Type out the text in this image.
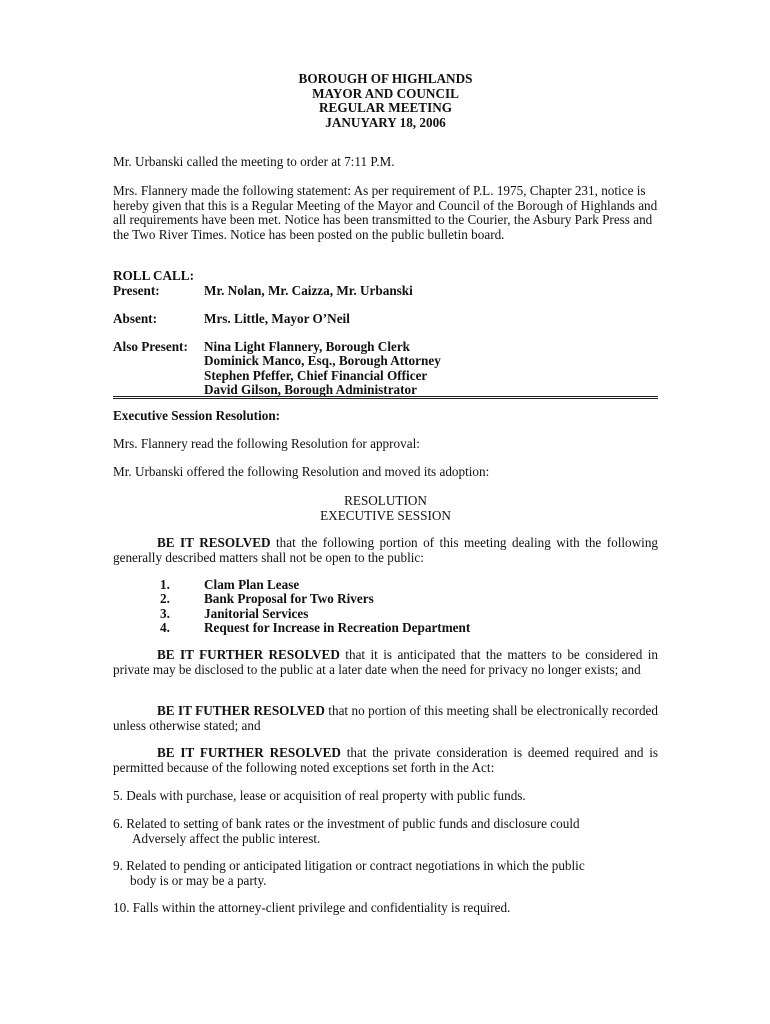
BOROUGH OF HIGHLANDS
MAYOR AND COUNCIL
REGULAR MEETING
JANUYARY 18, 2006
Mr. Urbanski called the meeting to order at 7:11 P.M.
Mrs. Flannery made the following statement: As per requirement of P.L. 1975, Chapter 231, notice is hereby given that this is a Regular Meeting of the Mayor and Council of the Borough of Highlands and all requirements have been met. Notice has been transmitted to the Courier, the Asbury Park Press and the Two River Times. Notice has been posted on the public bulletin board.
ROLL CALL:
Present:	Mr. Nolan, Mr. Caizza, Mr. Urbanski
Absent:	Mrs. Little, Mayor O’Neil
Also Present:	Nina Light Flannery, Borough Clerk
Dominick Manco, Esq., Borough Attorney
Stephen Pfeffer, Chief Financial Officer
David Gilson, Borough Administrator
Executive Session Resolution:
Mrs. Flannery read the following Resolution for approval:
Mr. Urbanski offered the following Resolution and moved its adoption:
RESOLUTION
EXECUTIVE SESSION
BE IT RESOLVED that the following portion of this meeting dealing with the following generally described matters shall not be open to the public:
1.	Clam Plan Lease
2.	Bank Proposal for Two Rivers
3.	Janitorial Services
4.	Request for Increase in Recreation Department
BE IT FURTHER RESOLVED that it is anticipated that the matters to be considered in private may be disclosed to the public at a later date when the need for privacy no longer exists; and
BE IT FUTHER RESOLVED that no portion of this meeting shall be electronically recorded unless otherwise stated; and
BE IT FURTHER RESOLVED that the private consideration is deemed required and is permitted because of the following noted exceptions set forth in the Act:
5. Deals with purchase, lease or acquisition of real property with public funds.
6. Related to setting of bank rates or the investment of public funds and disclosure could
Adversely affect the public interest.
9. Related to pending or anticipated litigation or contract negotiations in which the public
body is or may be a party.
10. Falls within the attorney-client privilege and confidentiality is required.
